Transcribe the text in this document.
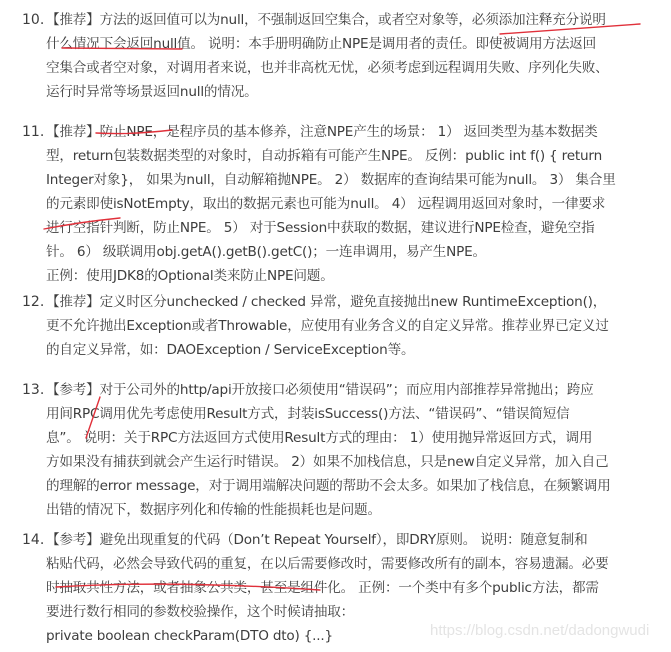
10. 【推荐】方法的返回值可以为null，不强制返回空集合，或者空对象等，必须添加注释充分说明
什么情况下会返回null值。 说明：本手册明确防止NPE是调用者的责任。即使被调用方法返回
空集合或者空对象，对调用者来说，也并非高枕无忧，必须考虑到远程调用失败、序列化失败、
运行时异常等场景返回null的情况。
11. 【推荐】防止NPE，是程序员的基本修养，注意NPE产生的场景： 1） 返回类型为基本数据类
型，return包装数据类型的对象时，自动拆箱有可能产生NPE。 反例：public int f() { return
Integer对象}， 如果为null，自动解箱抛NPE。 2） 数据库的查询结果可能为null。 3） 集合里
的元素即使isNotEmpty，取出的数据元素也可能为null。 4） 远程调用返回对象时，一律要求
进行空指针判断，防止NPE。 5） 对于Session中获取的数据，建议进行NPE检查，避免空指
针。 6） 级联调用obj.getA().getB().getC()；一连串调用，易产生NPE。
正例：使用JDK8的Optional类来防止NPE问题。
12. 【推荐】定义时区分unchecked / checked 异常，避免直接抛出new RuntimeException()，
更不允许抛出Exception或者Throwable，应使用有业务含义的自定义异常。推荐业界已定义过
的自定义异常，如：DAOException / ServiceException等。
13. 【参考】对于公司外的http/api开放接口必须使用“错误码”；而应用内部推荐异常抛出；跨应
用间RPC调用优先考虑使用Result方式，封装isSuccess()方法、“错误码”、“错误简短信
息”。 说明：关于RPC方法返回方式使用Result方式的理由： 1）使用抛异常返回方式，调用
方如果没有捕获到就会产生运行时错误。 2）如果不加栈信息，只是new自定义异常，加入自己
的理解的error message，对于调用端解决问题的帮助不会太多。如果加了栈信息，在频繁调用
出错的情况下，数据序列化和传输的性能损耗也是问题。
14. 【参考】避免出现重复的代码（Don’t Repeat Yourself），即DRY原则。 说明：随意复制和
粘贴代码，必然会导致代码的重复，在以后需要修改时，需要修改所有的副本，容易遗漏。必要
时抽取共性方法，或者抽象公共类，甚至是组件化。 正例：一个类中有多个public方法，都需
要进行数行相同的参数校验操作，这个时候请抽取：
private boolean checkParam(DTO dto) {...}	https://blog.csdn.net/dadongwudi
